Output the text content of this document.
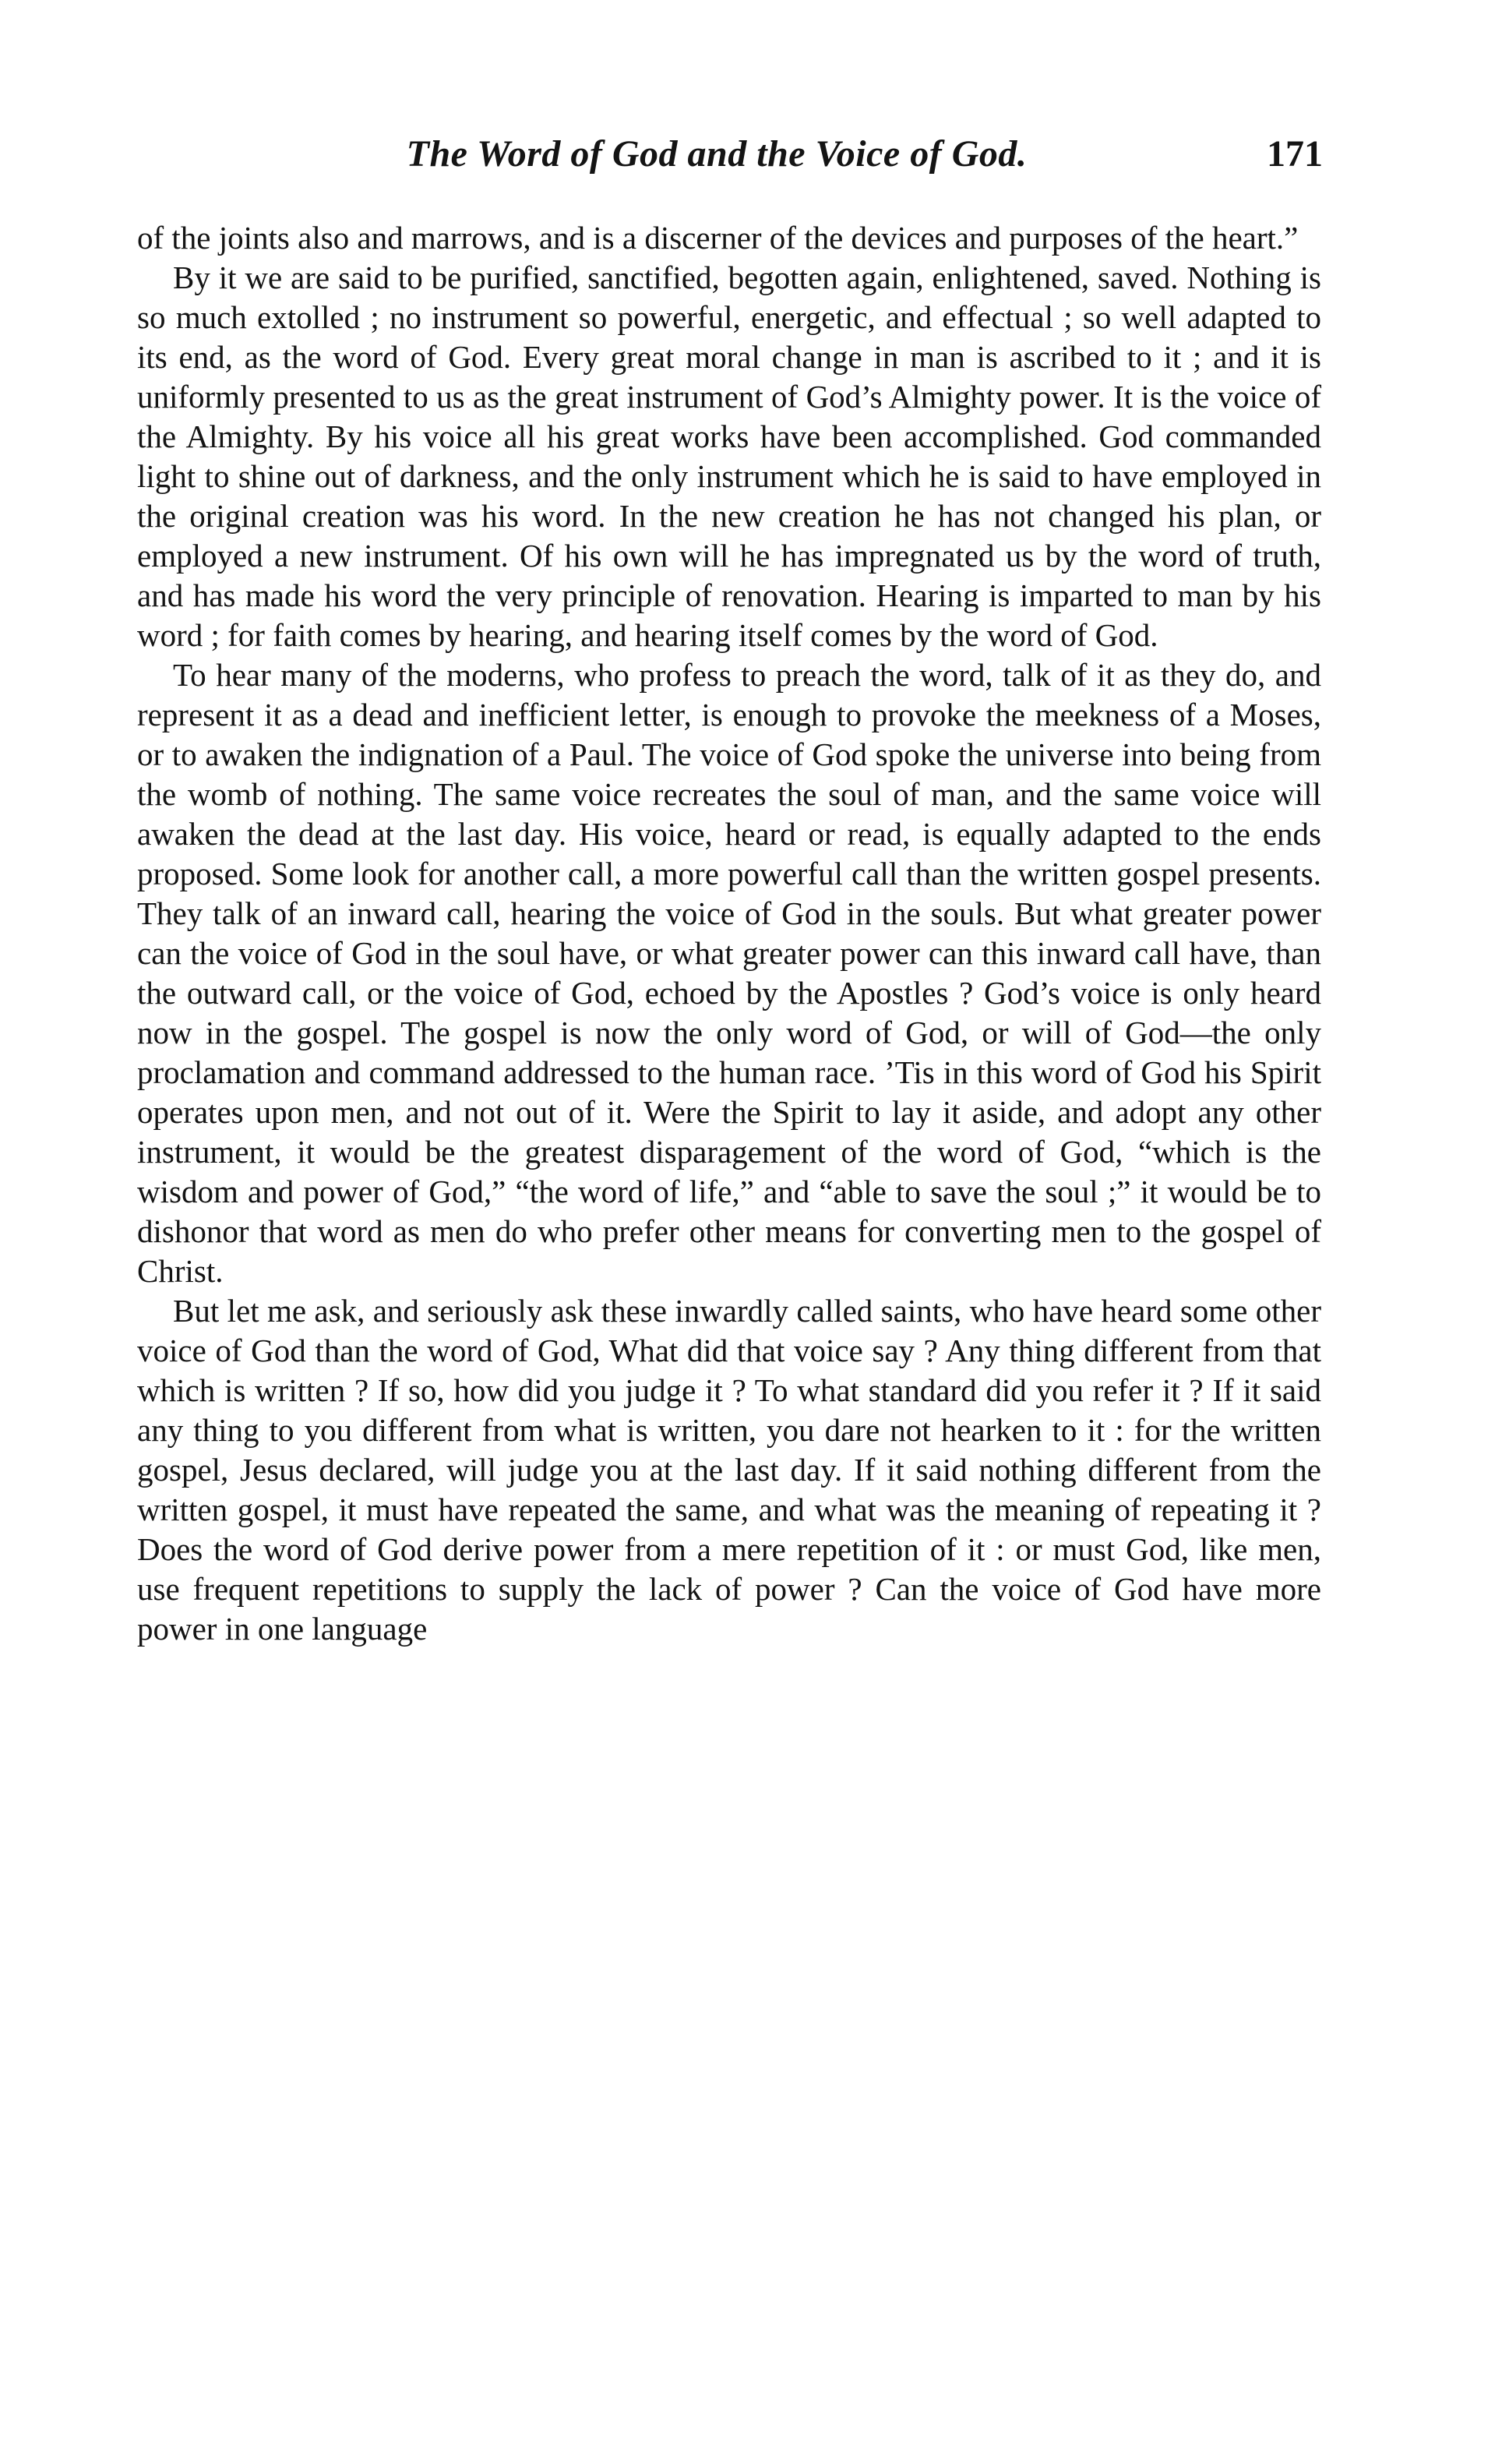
The Word of God and the Voice of God.	171

of the joints also and marrows, and is a discerner of the devices and purposes of the heart.”

By it we are said to be purified, sanctified, begotten again, enlightened, saved. Nothing is so much extolled ; no instrument so powerful, energetic, and effectual ; so well adapted to its end, as the word of God. Every great moral change in man is ascribed to it ; and it is uniformly presented to us as the great instrument of God’s Almighty power. It is the voice of the Almighty. By his voice all his great works have been accomplished. God commanded light to shine out of darkness, and the only instrument which he is said to have employed in the original creation was his word. In the new creation he has not changed his plan, or employed a new instrument. Of his own will he has impregnated us by the word of truth, and has made his word the very principle of renovation. Hearing is imparted to man by his word ; for faith comes by hearing, and hearing itself comes by the word of God.

To hear many of the moderns, who profess to preach the word, talk of it as they do, and represent it as a dead and inefficient letter, is enough to provoke the meekness of a Moses, or to awaken the indignation of a Paul. The voice of God spoke the universe into being from the womb of nothing. The same voice recreates the soul of man, and the same voice will awaken the dead at the last day. His voice, heard or read, is equally adapted to the ends proposed. Some look for another call, a more powerful call than the written gospel presents. They talk of an inward call, hearing the voice of God in the souls. But what greater power can the voice of God in the soul have, or what greater power can this inward call have, than the outward call, or the voice of God, echoed by the Apostles ? God’s voice is only heard now in the gospel. The gospel is now the only word of God, or will of God—the only proclamation and command addressed to the human race. ’Tis in this word of God his Spirit operates upon men, and not out of it. Were the Spirit to lay it aside, and adopt any other instrument, it would be the greatest disparagement of the word of God, “which is the wisdom and power of God,” “the word of life,” and “able to save the soul ;” it would be to dishonor that word as men do who prefer other means for converting men to the gospel of Christ.

But let me ask, and seriously ask these inwardly called saints, who have heard some other voice of God than the word of God, What did that voice say ? Any thing different from that which is written ? If so, how did you judge it ? To what standard did you refer it ? If it said any thing to you different from what is written, you dare not hearken to it : for the written gospel, Jesus declared, will judge you at the last day. If it said nothing different from the written gospel, it must have repeated the same, and what was the meaning of repeating it ? Does the word of God derive power from a mere repetition of it : or must God, like men, use frequent repetitions to supply the lack of power ? Can the voice of God have more power in one language
